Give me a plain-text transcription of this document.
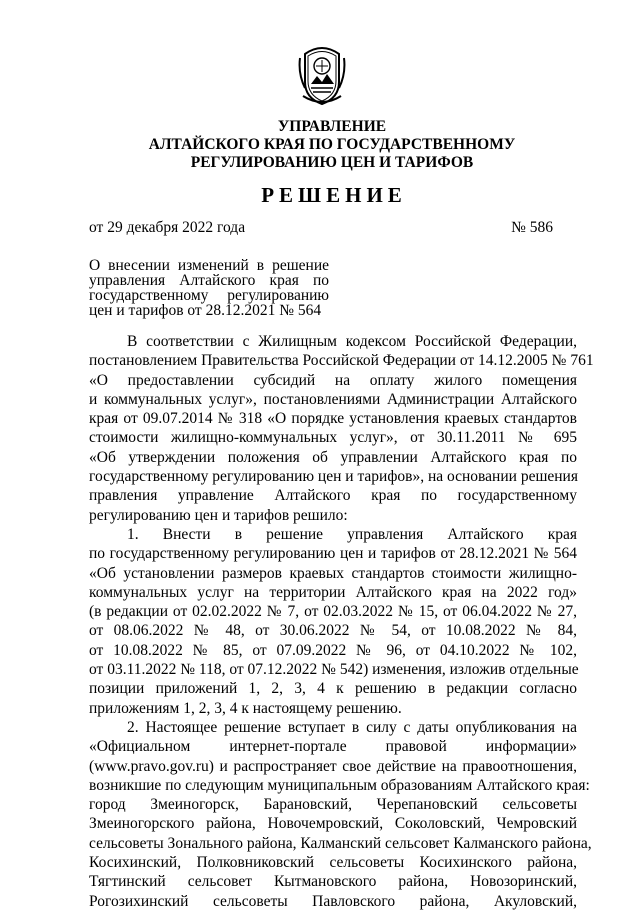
УПРАВЛЕНИЕ
АЛТАЙСКОГО КРАЯ ПО ГОСУДАРСТВЕННОМУ
РЕГУЛИРОВАНИЮ ЦЕН И ТАРИФОВ
РЕШЕНИЕ
от 29 декабря 2022 года	№ 586
О внесении изменений в решение
управления Алтайского края по
государственному регулированию
цен и тарифов от 28.12.2021 № 564
В соответствии с Жилищным кодексом Российской Федерации,
постановлением Правительства Российской Федерации от 14.12.2005 № 761
«О предоставлении субсидий на оплату жилого помещения
и коммунальных услуг», постановлениями Администрации Алтайского
края от 09.07.2014 № 318 «О порядке установления краевых стандартов
стоимости жилищно-коммунальных услуг», от 30.11.2011 № 695
«Об утверждении положения об управлении Алтайского края по
государственному регулированию цен и тарифов», на основании решения
правления управление Алтайского края по государственному
регулированию цен и тарифов решило:
1. Внести в решение управления Алтайского края
по государственному регулированию цен и тарифов от 28.12.2021 № 564
«Об установлении размеров краевых стандартов стоимости жилищно-
коммунальных услуг на территории Алтайского края на 2022 год»
(в редакции от 02.02.2022 № 7, от 02.03.2022 № 15, от 06.04.2022 № 27,
от 08.06.2022 № 48, от 30.06.2022 № 54, от 10.08.2022 № 84,
от 10.08.2022 № 85, от 07.09.2022 № 96, от 04.10.2022 № 102,
от 03.11.2022 № 118, от 07.12.2022 № 542) изменения, изложив отдельные
позиции приложений 1, 2, 3, 4 к решению в редакции согласно
приложениям 1, 2, 3, 4 к настоящему решению.
2. Настоящее решение вступает в силу с даты опубликования на
«Официальном интернет-портале правовой информации»
(www.pravo.gov.ru) и распространяет свое действие на правоотношения,
возникшие по следующим муниципальным образованиям Алтайского края:
город Змеиногорск, Барановский, Черепановский сельсоветы
Змеиногорского района, Новочемровский, Соколовский, Чемровский
сельсоветы Зонального района, Калманский сельсовет Калманского района,
Косихинский, Полковниковский сельсоветы Косихинского района,
Тягтинский сельсовет Кытмановского района, Новозоринский,
Рогозихинский сельсоветы Павловского района, Акуловский,
